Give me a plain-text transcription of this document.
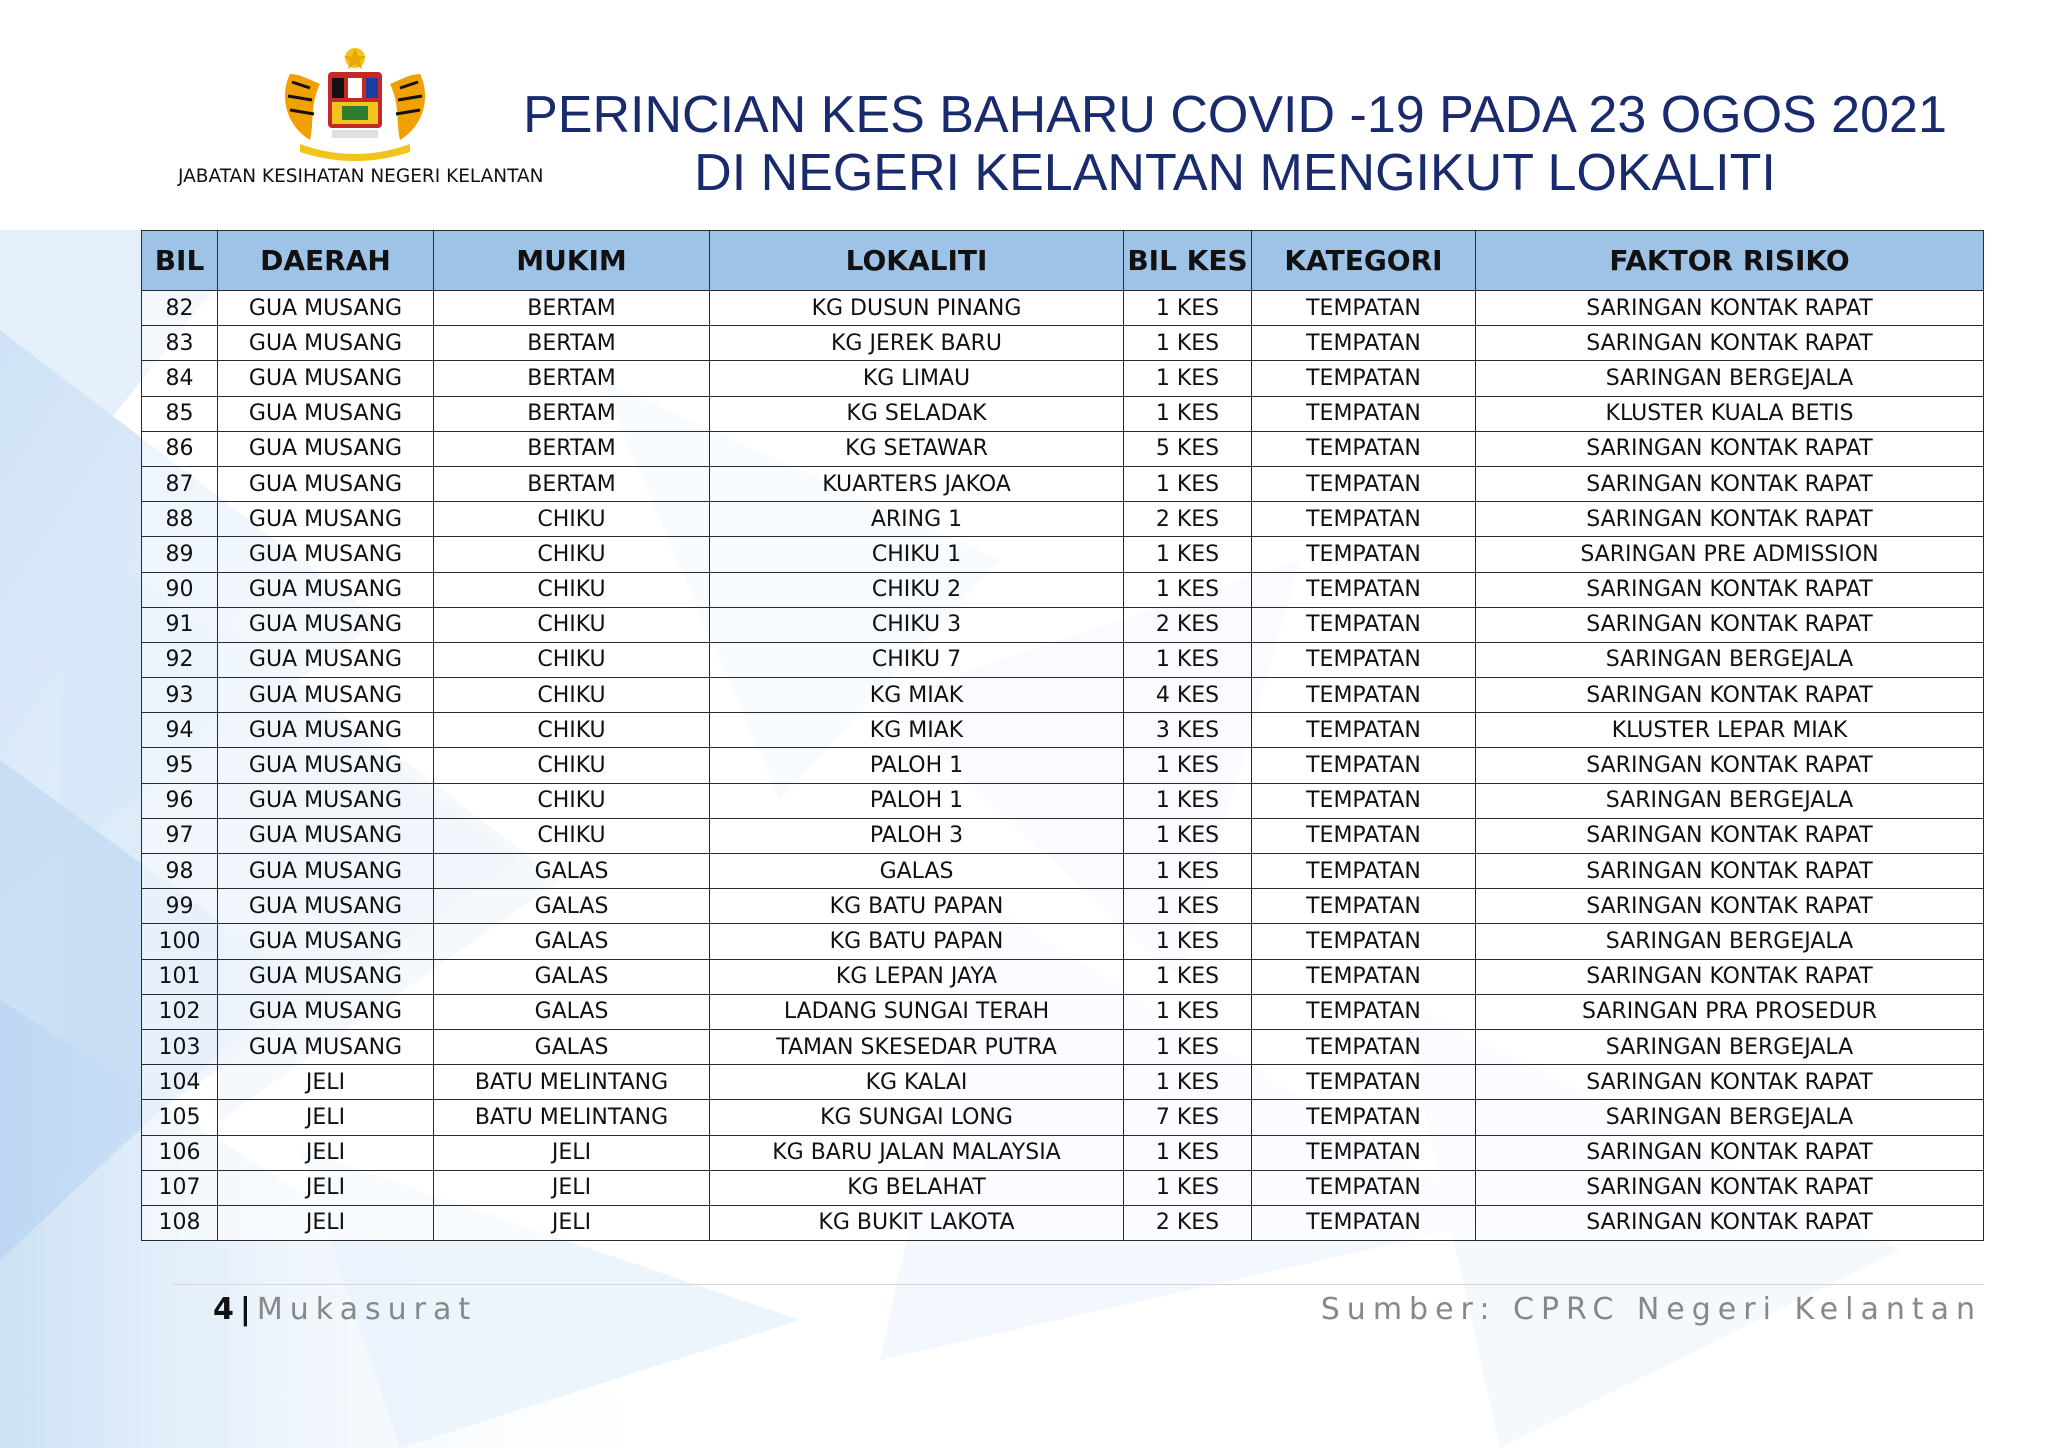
JABATAN KESIHATAN NEGERI KELANTAN
PERINCIAN KES BAHARU COVID -19 PADA 23 OGOS 2021
DI NEGERI KELANTAN MENGIKUT LOKALITI
BIL	DAERAH	MUKIM	LOKALITI	BIL KES	KATEGORI	FAKTOR RISIKO
82	GUA MUSANG	BERTAM	KG DUSUN PINANG	1 KES	TEMPATAN	SARINGAN KONTAK RAPAT
83	GUA MUSANG	BERTAM	KG JEREK BARU	1 KES	TEMPATAN	SARINGAN KONTAK RAPAT
84	GUA MUSANG	BERTAM	KG LIMAU	1 KES	TEMPATAN	SARINGAN BERGEJALA
85	GUA MUSANG	BERTAM	KG SELADAK	1 KES	TEMPATAN	KLUSTER KUALA BETIS
86	GUA MUSANG	BERTAM	KG SETAWAR	5 KES	TEMPATAN	SARINGAN KONTAK RAPAT
87	GUA MUSANG	BERTAM	KUARTERS JAKOA	1 KES	TEMPATAN	SARINGAN KONTAK RAPAT
88	GUA MUSANG	CHIKU	ARING 1	2 KES	TEMPATAN	SARINGAN KONTAK RAPAT
89	GUA MUSANG	CHIKU	CHIKU 1	1 KES	TEMPATAN	SARINGAN PRE ADMISSION
90	GUA MUSANG	CHIKU	CHIKU 2	1 KES	TEMPATAN	SARINGAN KONTAK RAPAT
91	GUA MUSANG	CHIKU	CHIKU 3	2 KES	TEMPATAN	SARINGAN KONTAK RAPAT
92	GUA MUSANG	CHIKU	CHIKU 7	1 KES	TEMPATAN	SARINGAN BERGEJALA
93	GUA MUSANG	CHIKU	KG MIAK	4 KES	TEMPATAN	SARINGAN KONTAK RAPAT
94	GUA MUSANG	CHIKU	KG MIAK	3 KES	TEMPATAN	KLUSTER LEPAR MIAK
95	GUA MUSANG	CHIKU	PALOH 1	1 KES	TEMPATAN	SARINGAN KONTAK RAPAT
96	GUA MUSANG	CHIKU	PALOH 1	1 KES	TEMPATAN	SARINGAN BERGEJALA
97	GUA MUSANG	CHIKU	PALOH 3	1 KES	TEMPATAN	SARINGAN KONTAK RAPAT
98	GUA MUSANG	GALAS	GALAS	1 KES	TEMPATAN	SARINGAN KONTAK RAPAT
99	GUA MUSANG	GALAS	KG BATU PAPAN	1 KES	TEMPATAN	SARINGAN KONTAK RAPAT
100	GUA MUSANG	GALAS	KG BATU PAPAN	1 KES	TEMPATAN	SARINGAN BERGEJALA
101	GUA MUSANG	GALAS	KG LEPAN JAYA	1 KES	TEMPATAN	SARINGAN KONTAK RAPAT
102	GUA MUSANG	GALAS	LADANG SUNGAI TERAH	1 KES	TEMPATAN	SARINGAN PRA PROSEDUR
103	GUA MUSANG	GALAS	TAMAN SKESEDAR PUTRA	1 KES	TEMPATAN	SARINGAN BERGEJALA
104	JELI	BATU MELINTANG	KG KALAI	1 KES	TEMPATAN	SARINGAN KONTAK RAPAT
105	JELI	BATU MELINTANG	KG SUNGAI LONG	7 KES	TEMPATAN	SARINGAN BERGEJALA
106	JELI	JELI	KG BARU JALAN MALAYSIA	1 KES	TEMPATAN	SARINGAN KONTAK RAPAT
107	JELI	JELI	KG BELAHAT	1 KES	TEMPATAN	SARINGAN KONTAK RAPAT
108	JELI	JELI	KG BUKIT LAKOTA	2 KES	TEMPATAN	SARINGAN KONTAK RAPAT
4 | Mukasurat	Sumber: CPRC Negeri Kelantan
